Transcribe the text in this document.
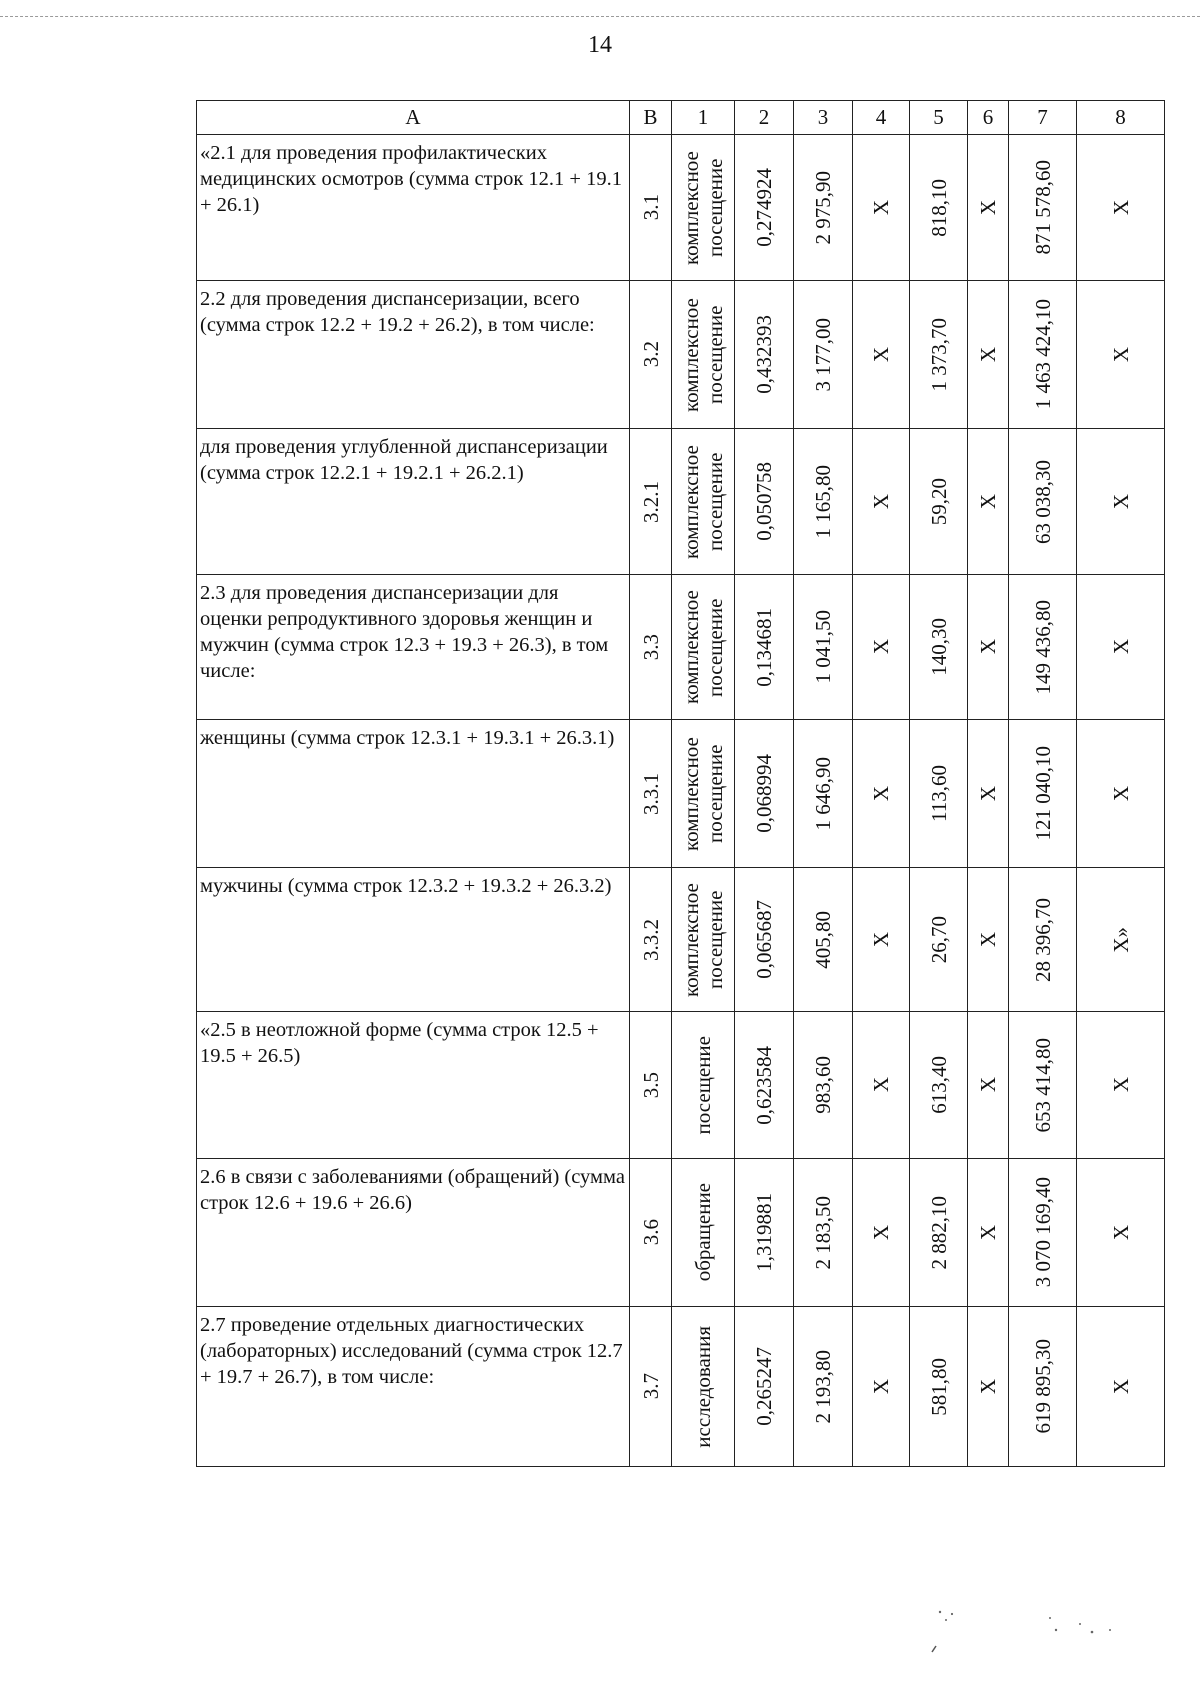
14
A	B	1	2	3	4	5	6	7	8
«2.1 для проведения профилактических медицинских осмотров (сумма строк 12.1 + 19.1 + 26.1)	3.1	комплексное посещение	0,274924	2 975,90	Х	818,10	Х	871 578,60	Х

2.2 для проведения диспансеризации, всего (сумма строк 12.2 + 19.2 + 26.2), в том числе:	3.2	комплексное посещение	0,432393	3 177,00	Х	1 373,70	Х	1 463 424,10	Х

для проведения углубленной диспансеризации (сумма строк 12.2.1 + 19.2.1 + 26.2.1)	3.2.1	комплексное посещение	0,050758	1 165,80	Х	59,20	Х	63 038,30	Х

2.3 для проведения диспансеризации для оценки репродуктивного здоровья женщин и мужчин (сумма строк 12.3 + 19.3 + 26.3), в том числе:	3.3	комплексное посещение	0,134681	1 041,50	Х	140,30	Х	149 436,80	Х

женщины (сумма строк 12.3.1 + 19.3.1 + 26.3.1)	3.3.1	комплексное посещение	0,068994	1 646,90	Х	113,60	Х	121 040,10	Х

мужчины (сумма строк 12.3.2 + 19.3.2 + 26.3.2)	3.3.2	комплексное посещение	0,065687	405,80	Х	26,70	Х	28 396,70	Х»

«2.5 в неотложной форме (сумма строк 12.5 + 19.5 + 26.5)	3.5	посещение	0,623584	983,60	Х	613,40	Х	653 414,80	Х

2.6 в связи с заболеваниями (обращений) (сумма строк 12.6 + 19.6 + 26.6)	3.6	обращение	1,319881	2 183,50	Х	2 882,10	Х	3 070 169,40	Х

2.7 проведение отдельных диагностических (лабораторных) исследований (сумма строк 12.7 + 19.7 + 26.7), в том числе:	3.7	исследования	0,265247	2 193,80	Х	581,80	Х	619 895,30	Х
